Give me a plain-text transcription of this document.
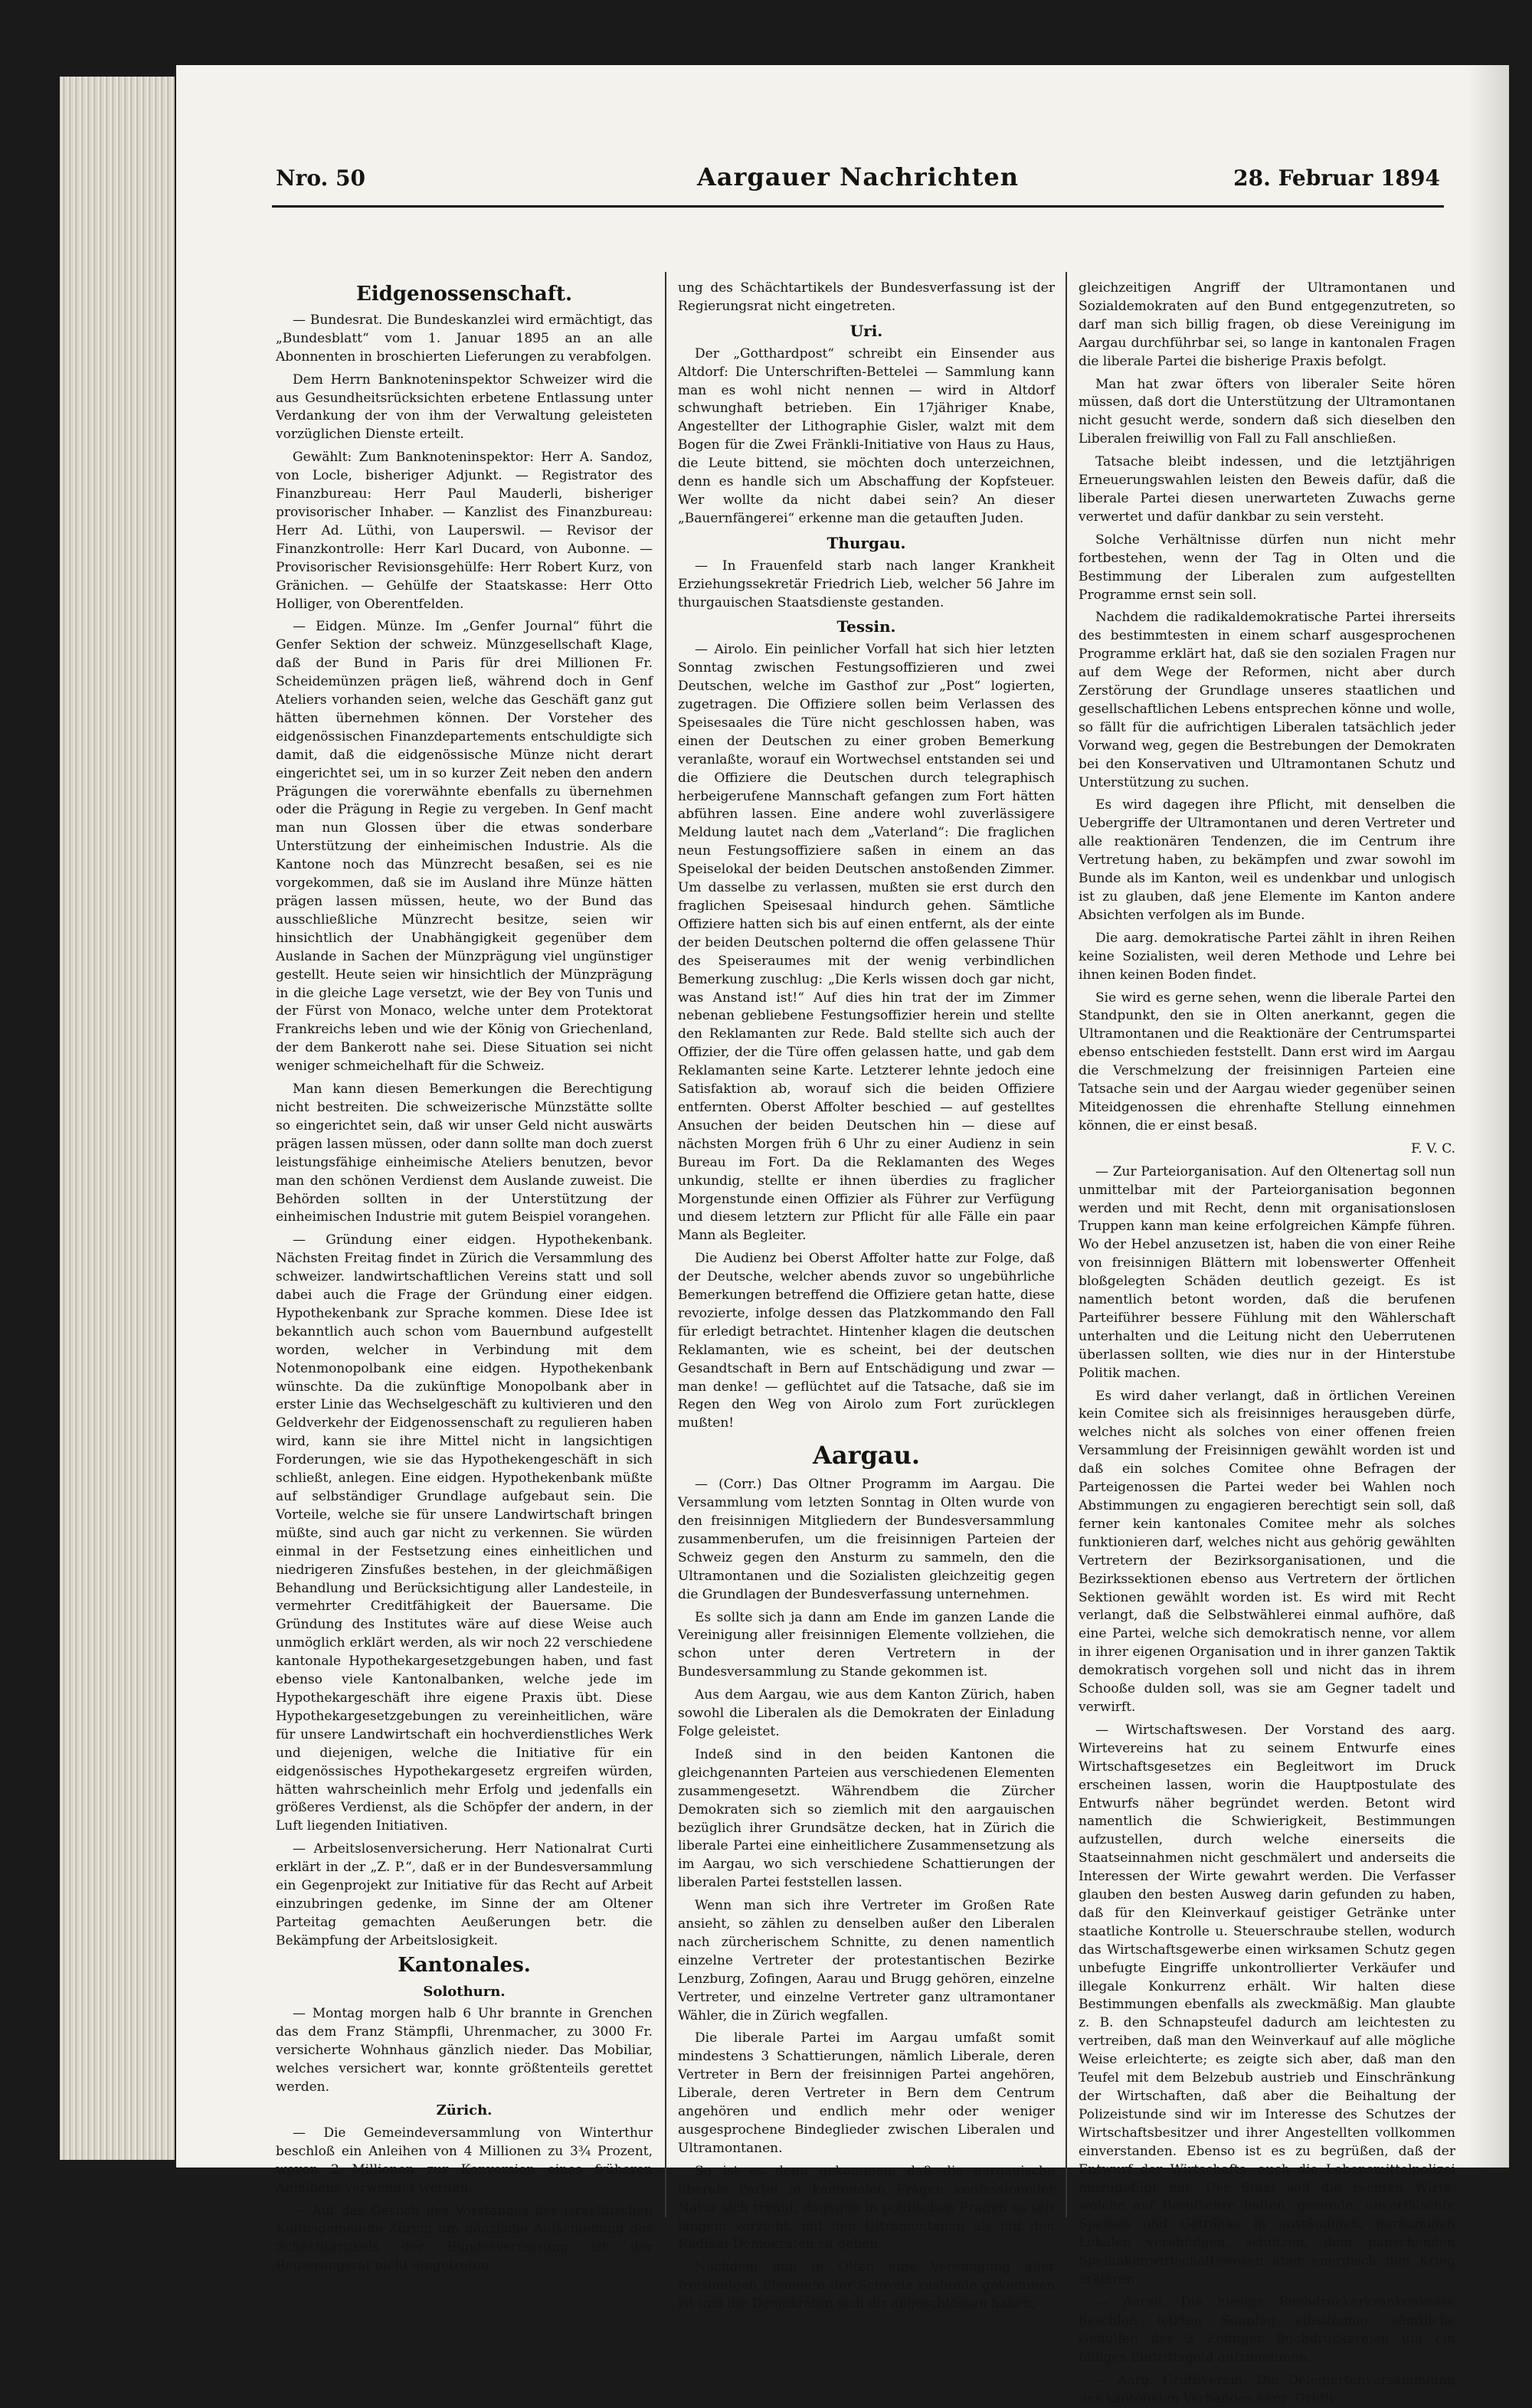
Nro. 50	Aargauer Nachrichten	28. Februar 1894
Eidgenossenschaft.

— Bundesrat. Die Bundeskanzlei wird ermächtigt, das „Bundesblatt“ vom 1. Januar 1895 an an alle Abonnenten in broschierten Lieferungen zu verabfolgen.

Dem Herrn Banknoteninspektor Schweizer wird die aus Gesundheitsrücksichten erbetene Entlassung unter Verdankung der von ihm der Verwaltung geleisteten vorzüglichen Dienste erteilt.

Gewählt: Zum Banknoteninspektor: Herr A. Sandoz, von Locle, bisheriger Adjunkt. — Registrator des Finanzbureau: Herr Paul Mauderli, bisheriger provisorischer Inhaber. — Kanzlist des Finanzbureau: Herr Ad. Lüthi, von Lauperswil. — Revisor der Finanzkontrolle: Herr Karl Ducard, von Aubonne. — Provisorischer Revisionsgehülfe: Herr Robert Kurz, von Gränichen. — Gehülfe der Staatskasse: Herr Otto Holliger, von Oberentfelden.

— Eidgen. Münze. Im „Genfer Journal“ führt die Genfer Sektion der schweiz. Münzgesellschaft Klage, daß der Bund in Paris für drei Millionen Fr. Scheidemünzen prägen ließ, während doch in Genf Ateliers vorhanden seien, welche das Geschäft ganz gut hätten übernehmen können. Der Vorsteher des eidgenössischen Finanzdepartements entschuldigte sich damit, daß die eidgenössische Münze nicht derart eingerichtet sei, um in so kurzer Zeit neben den andern Prägungen die vorerwähnte ebenfalls zu übernehmen oder die Prägung in Regie zu vergeben. In Genf macht man nun Glossen über die etwas sonderbare Unterstützung der einheimischen Industrie. Als die Kantone noch das Münzrecht besaßen, sei es nie vorgekommen, daß sie im Ausland ihre Münze hätten prägen lassen müssen, heute, wo der Bund das ausschließliche Münzrecht besitze, seien wir hinsichtlich der Unabhängigkeit gegenüber dem Auslande in Sachen der Münzprägung viel ungünstiger gestellt. Heute seien wir hinsichtlich der Münzprägung in die gleiche Lage versetzt, wie der Bey von Tunis und der Fürst von Monaco, welche unter dem Protektorat Frankreichs leben und wie der König von Griechenland, der dem Bankerott nahe sei. Diese Situation sei nicht weniger schmeichelhaft für die Schweiz.

Man kann diesen Bemerkungen die Berechtigung nicht bestreiten. Die schweizerische Münzstätte sollte so eingerichtet sein, daß wir unser Geld nicht auswärts prägen lassen müssen, oder dann sollte man doch zuerst leistungsfähige einheimische Ateliers benutzen, bevor man den schönen Verdienst dem Auslande zuweist. Die Behörden sollten in der Unterstützung der einheimischen Industrie mit gutem Beispiel vorangehen.

— Gründung einer eidgen. Hypothekenbank. Nächsten Freitag findet in Zürich die Versammlung des schweizer. landwirtschaftlichen Vereins statt und soll dabei auch die Frage der Gründung einer eidgen. Hypothekenbank zur Sprache kommen. Diese Idee ist bekanntlich auch schon vom Bauernbund aufgestellt worden, welcher in Verbindung mit dem Notenmonopolbank eine eidgen. Hypothekenbank wünschte. Da die zukünftige Monopolbank aber in erster Linie das Wechselgeschäft zu kultivieren und den Geldverkehr der Eidgenossenschaft zu regulieren haben wird, kann sie ihre Mittel nicht in langsichtigen Forderungen, wie sie das Hypothekengeschäft in sich schließt, anlegen. Eine eidgen. Hypothekenbank müßte auf selbständiger Grundlage aufgebaut sein. Die Vorteile, welche sie für unsere Landwirtschaft bringen müßte, sind auch gar nicht zu verkennen. Sie würden einmal in der Festsetzung eines einheitlichen und niedrigeren Zinsfußes bestehen, in der gleichmäßigen Behandlung und Berücksichtigung aller Landesteile, in vermehrter Creditfähigkeit der Bauersame. Die Gründung des Institutes wäre auf diese Weise auch unmöglich erklärt werden, als wir noch 22 verschiedene kantonale Hypothekargesetzgebungen haben, und fast ebenso viele Kantonalbanken, welche jede im Hypothekargeschäft ihre eigene Praxis übt. Diese Hypothekargesetzgebungen zu vereinheitlichen, wäre für unsere Landwirtschaft ein hochverdienstliches Werk und diejenigen, welche die Initiative für ein eidgenössisches Hypothekargesetz ergreifen würden, hätten wahrscheinlich mehr Erfolg und jedenfalls ein größeres Verdienst, als die Schöpfer der andern, in der Luft liegenden Initiativen.

— Arbeitslosenversicherung. Herr Nationalrat Curti erklärt in der „Z. P.“, daß er in der Bundesversammlung ein Gegenprojekt zur Initiative für das Recht auf Arbeit einzubringen gedenke, im Sinne der am Oltener Parteitag gemachten Aeußerungen betr. die Bekämpfung der Arbeitslosigkeit.

Kantonales.
Solothurn.

— Montag morgen halb 6 Uhr brannte in Grenchen das dem Franz Stämpfli, Uhrenmacher, zu 3000 Fr. versicherte Wohnhaus gänzlich nieder. Das Mobiliar, welches versichert war, konnte größtenteils gerettet werden.

Zürich.

— Die Gemeindeversammlung von Winterthur beschloß ein Anleihen von 4 Millionen zu 3¾ Prozent, wovon 2 Millionen zur Konversion eines früheren Anleihens verwendet werden.

— Auf das Gesuch des Vorstandes der israelitischen Kultusgemeinde Zürich um gänzliche Aufschiebung des Schächtartikels der Bundesverfassung ist der Regierungsrat nicht eingetreten.

ung des Schächtartikels der Bundesverfassung ist der Regierungsrat nicht eingetreten.

Uri.

Der „Gotthardpost“ schreibt ein Einsender aus Altdorf: Die Unterschriften-Bettelei — Sammlung kann man es wohl nicht nennen — wird in Altdorf schwunghaft betrieben. Ein 17jähriger Knabe, Angestellter der Lithographie Gisler, walzt mit dem Bogen für die Zwei Fränkli-Initiative von Haus zu Haus, die Leute bittend, sie möchten doch unterzeichnen, denn es handle sich um Abschaffung der Kopfsteuer. Wer wollte da nicht dabei sein? An dieser „Bauernfängerei“ erkenne man die getauften Juden.

Thurgau.

— In Frauenfeld starb nach langer Krankheit Erziehungssekretär Friedrich Lieb, welcher 56 Jahre im thurgauischen Staatsdienste gestanden.

Tessin.

— Airolo. Ein peinlicher Vorfall hat sich hier letzten Sonntag zwischen Festungsoffizieren und zwei Deutschen, welche im Gasthof zur „Post“ logierten, zugetragen. Die Offiziere sollen beim Verlassen des Speisesaales die Türe nicht geschlossen haben, was einen der Deutschen zu einer groben Bemerkung veranlaßte, worauf ein Wortwechsel entstanden sei und die Offiziere die Deutschen durch telegraphisch herbeigerufene Mannschaft gefangen zum Fort hätten abführen lassen. Eine andere wohl zuverlässigere Meldung lautet nach dem „Vaterland“: Die fraglichen neun Festungsoffiziere saßen in einem an das Speiselokal der beiden Deutschen anstoßenden Zimmer. Um dasselbe zu verlassen, mußten sie erst durch den fraglichen Speisesaal hindurch gehen. Sämtliche Offiziere hatten sich bis auf einen entfernt, als der einte der beiden Deutschen polternd die offen gelassene Thür des Speiseraumes mit der wenig verbindlichen Bemerkung zuschlug: „Die Kerls wissen doch gar nicht, was Anstand ist!“ Auf dies hin trat der im Zimmer nebenan gebliebene Festungsoffizier herein und stellte den Reklamanten zur Rede. Bald stellte sich auch der Offizier, der die Türe offen gelassen hatte, und gab dem Reklamanten seine Karte. Letzterer lehnte jedoch eine Satisfaktion ab, worauf sich die beiden Offiziere entfernten. Oberst Affolter beschied — auf gestelltes Ansuchen der beiden Deutschen hin — diese auf nächsten Morgen früh 6 Uhr zu einer Audienz in sein Bureau im Fort. Da die Reklamanten des Weges unkundig, stellte er ihnen überdies zu fraglicher Morgenstunde einen Offizier als Führer zur Verfügung und diesem letztern zur Pflicht für alle Fälle ein paar Mann als Begleiter.

Die Audienz bei Oberst Affolter hatte zur Folge, daß der Deutsche, welcher abends zuvor so ungebührliche Bemerkungen betreffend die Offiziere getan hatte, diese revozierte, infolge dessen das Platzkommando den Fall für erledigt betrachtet. Hintenher klagen die deutschen Reklamanten, wie es scheint, bei der deutschen Gesandtschaft in Bern auf Entschädigung und zwar — man denke! — geflüchtet auf die Tatsache, daß sie im Regen den Weg von Airolo zum Fort zurücklegen mußten!

Aargau.

— (Corr.) Das Oltner Programm im Aargau. Die Versammlung vom letzten Sonntag in Olten wurde von den freisinnigen Mitgliedern der Bundesversammlung zusammenberufen, um die freisinnigen Parteien der Schweiz gegen den Ansturm zu sammeln, den die Ultramontanen und die Sozialisten gleichzeitig gegen die Grundlagen der Bundesverfassung unternehmen.

Es sollte sich ja dann am Ende im ganzen Lande die Vereinigung aller freisinnigen Elemente vollziehen, die schon unter deren Vertretern in der Bundesversammlung zu Stande gekommen ist.

Aus dem Aargau, wie aus dem Kanton Zürich, haben sowohl die Liberalen als die Demokraten der Einladung Folge geleistet.

Indeß sind in den beiden Kantonen die gleichgenannten Parteien aus verschiedenen Elementen zusammengesetzt. Währendbem die Zürcher Demokraten sich so ziemlich mit den aargauischen bezüglich ihrer Grundsätze decken, hat in Zürich die liberale Partei eine einheitlichere Zusammensetzung als im Aargau, wo sich verschiedene Schattierungen der liberalen Partei feststellen lassen.

Wenn man sich ihre Vertreter im Großen Rate ansieht, so zählen zu denselben außer den Liberalen nach zürcherischem Schnitte, zu denen namentlich einzelne Vertreter der protestantischen Bezirke Lenzburg, Zofingen, Aarau und Brugg gehören, einzelne Vertreter, und einzelne Vertreter ganz ultramontaner Wähler, die in Zürich wegfallen.

Die liberale Partei im Aargau umfaßt somit mindestens 3 Schattierungen, nämlich Liberale, deren Vertreter in Bern der freisinnigen Partei angehören, Liberale, deren Vertreter in Bern dem Centrum angehören und endlich mehr oder weniger ausgesprochene Bindeglieder zwischen Liberalen und Ultramontanen.

So ist es denn gekommen, daß die aargauische liberale Partei in kantonalen Fragen konfessioneller Natur sich trennt, dagegen in politischen Fragen es seit langem vorzieht, mit den Ultramontanen als mit den Radikal-Demokraten zu gehen.

Nachdem nun in Olten eine Vereinigung aller freisinnigen Elemente der Schweiz zustande gekommen ist und die Demokraten sich ihr angeschlossen haben,

gleichzeitigen Angriff der Ultramontanen und Sozialdemokraten auf den Bund entgegenzutreten, so darf man sich billig fragen, ob diese Vereinigung im Aargau durchführbar sei, so lange in kantonalen Fragen die liberale Partei die bisherige Praxis befolgt.

Man hat zwar öfters von liberaler Seite hören müssen, daß dort die Unterstützung der Ultramontanen nicht gesucht werde, sondern daß sich dieselben den Liberalen freiwillig von Fall zu Fall anschließen.

Tatsache bleibt indessen, und die letztjährigen Erneuerungswahlen leisten den Beweis dafür, daß die liberale Partei diesen unerwarteten Zuwachs gerne verwertet und dafür dankbar zu sein versteht.

Solche Verhältnisse dürfen nun nicht mehr fortbestehen, wenn der Tag in Olten und die Bestimmung der Liberalen zum aufgestellten Programme ernst sein soll.

Nachdem die radikaldemokratische Partei ihrerseits des bestimmtesten in einem scharf ausgesprochenen Programme erklärt hat, daß sie den sozialen Fragen nur auf dem Wege der Reformen, nicht aber durch Zerstörung der Grundlage unseres staatlichen und gesellschaftlichen Lebens entsprechen könne und wolle, so fällt für die aufrichtigen Liberalen tatsächlich jeder Vorwand weg, gegen die Bestrebungen der Demokraten bei den Konservativen und Ultramontanen Schutz und Unterstützung zu suchen.

Es wird dagegen ihre Pflicht, mit denselben die Uebergriffe der Ultramontanen und deren Vertreter und alle reaktionären Tendenzen, die im Centrum ihre Vertretung haben, zu bekämpfen und zwar sowohl im Bunde als im Kanton, weil es undenkbar und unlogisch ist zu glauben, daß jene Elemente im Kanton andere Absichten verfolgen als im Bunde.

Die aarg. demokratische Partei zählt in ihren Reihen keine Sozialisten, weil deren Methode und Lehre bei ihnen keinen Boden findet.

Sie wird es gerne sehen, wenn die liberale Partei den Standpunkt, den sie in Olten anerkannt, gegen die Ultramontanen und die Reaktionäre der Centrumspartei ebenso entschieden feststellt. Dann erst wird im Aargau die Verschmelzung der freisinnigen Parteien eine Tatsache sein und der Aargau wieder gegenüber seinen Miteidgenossen die ehrenhafte Stellung einnehmen können, die er einst besaß.

F. V. C.

— Zur Parteiorganisation. Auf den Oltenertag soll nun unmittelbar mit der Parteiorganisation begonnen werden und mit Recht, denn mit organisationslosen Truppen kann man keine erfolgreichen Kämpfe führen. Wo der Hebel anzusetzen ist, haben die von einer Reihe von freisinnigen Blättern mit lobenswerter Offenheit bloßgelegten Schäden deutlich gezeigt. Es ist namentlich betont worden, daß die berufenen Parteiführer bessere Fühlung mit den Wählerschaft unterhalten und die Leitung nicht den Ueberrutenen überlassen sollten, wie dies nur in der Hinterstube Politik machen.

Es wird daher verlangt, daß in örtlichen Vereinen kein Comitee sich als freisinniges herausgeben dürfe, welches nicht als solches von einer offenen freien Versammlung der Freisinnigen gewählt worden ist und daß ein solches Comitee ohne Befragen der Parteigenossen die Partei weder bei Wahlen noch Abstimmungen zu engagieren berechtigt sein soll, daß ferner kein kantonales Comitee mehr als solches funktionieren darf, welches nicht aus gehörig gewählten Vertretern der Bezirksorganisationen, und die Bezirkssektionen ebenso aus Vertretern der örtlichen Sektionen gewählt worden ist. Es wird mit Recht verlangt, daß die Selbstwählerei einmal aufhöre, daß eine Partei, welche sich demokratisch nenne, vor allem in ihrer eigenen Organisation und in ihrer ganzen Taktik demokratisch vorgehen soll und nicht das in ihrem Schooße dulden soll, was sie am Gegner tadelt und verwirft.

— Wirtschaftswesen. Der Vorstand des aarg. Wirtevereins hat zu seinem Entwurfe eines Wirtschaftsgesetzes ein Begleitwort im Druck erscheinen lassen, worin die Hauptpostulate des Entwurfs näher begründet werden. Betont wird namentlich die Schwierigkeit, Bestimmungen aufzustellen, durch welche einerseits die Staatseinnahmen nicht geschmälert und anderseits die Interessen der Wirte gewahrt werden. Die Verfasser glauben den besten Ausweg darin gefunden zu haben, daß für den Kleinverkauf geistiger Getränke unter staatliche Kontrolle u. Steuerschraube stellen, wodurch das Wirtschaftsgewerbe einen wirksamen Schutz gegen unbefugte Eingriffe unkontrollierter Verkäufer und illegale Konkurrenz erhält. Wir halten diese Bestimmungen ebenfalls als zweckmäßig. Man glaubte z. B. den Schnapsteufel dadurch am leichtesten zu vertreiben, daß man den Weinverkauf auf alle mögliche Weise erleichterte; es zeigte sich aber, daß man den Teufel mit dem Belzebub austrieb und Einschränkung der Wirtschaften, daß aber die Beihaltung der Polizeistunde sind wir im Interesse des Schutzes der Wirtschaftsbesitzer und ihrer Angestellten vollkommen einverstanden. Ebenso ist es zu begrüßen, daß der Entwurf der Wirtschafts- auch die Lebensmittelpolizei hinzugefügt hat. Der Staat soll die rechten Wirte, welche auf Berufsehre halten, gesunde, unverfälschte Speisen und Getränke in anständigen, geräumigen Lokalen verabfolgen, schützen, dem panschenden Spelunkenwirtschaftswesen aber energisch den Krieg erklären.

— Aarau. Die hiesige Buchdruckerkrankenkasse beschloß letzten Sonntag einstimmig, sämtliche Gehülfen der 3 Zofinger Buchdruckereien um ein billiges Eintrittsgeld aufzunehmen.

— Aarg. Grütliverein. Die Delegiertenversammlung des kantonalen Verbandes aarg. Grütli-
